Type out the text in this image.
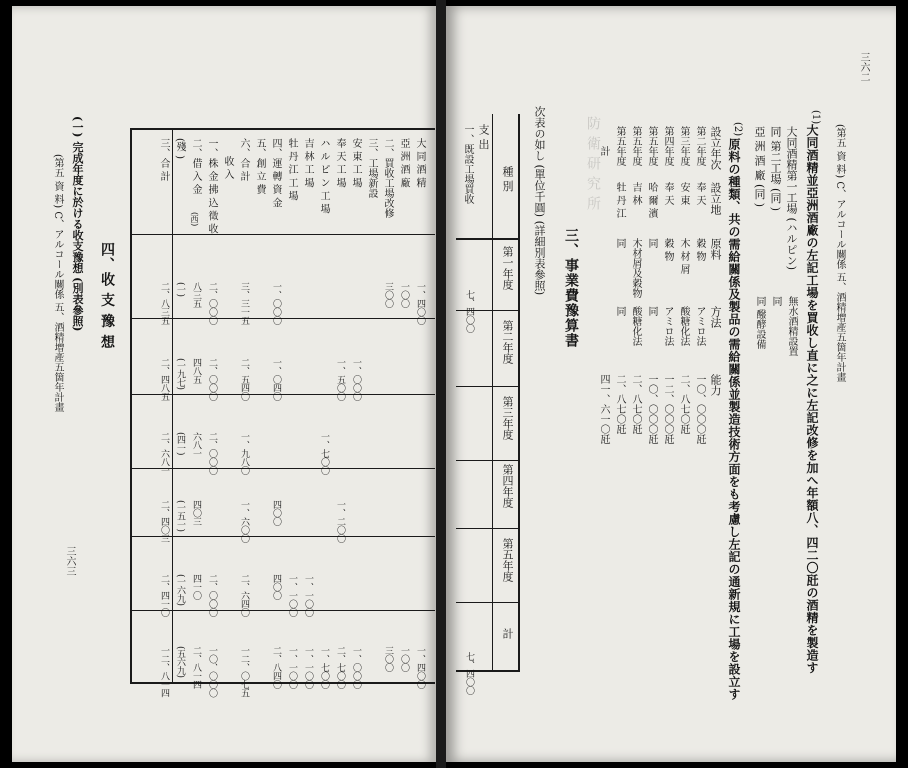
(第五 資 料) C、アルコール關係 五、酒精增產五箇年計畫 (一) 完成年度に於ける收支豫想 (別表參照) 四、收 支 豫 想
三六三
大 同 酒 精
一、四〇〇
一、四〇〇
亞 洲 酒 廠
一〇〇
一〇〇
二、買收工場改修
三〇〇
三〇〇
三、工場新設
安 東 工 場
一、〇〇〇
一、〇〇〇
奉 天 工 場
一、五〇〇
一、二〇〇
二、七〇〇
ハ ル ピ ン 工 場
一、七〇〇
一、七〇〇
吉 林 工 場
一、一〇〇
一、一〇〇
牡 丹 江 工 場
一、一〇〇
一、一〇〇
四、運 轉 資 金
一、〇〇〇
一、〇四〇
四〇〇
四〇〇
二、八四〇
五、創 立 費
六、合 計
三、三一五
二、五四〇
一、九八〇
一、六〇〇
二、六四〇
一二、〇七五
收 入
一、株 金 拂 込 徵 收
二、〇〇〇
二、〇〇〇
二、〇〇〇
二、〇〇〇
一〇、〇〇〇
二、借 入 金
八三五
四八五
六八一
四〇三
四一〇
二、八一四
(殘 )
(一)
(一九七)
(四一)
(一五一)
(一六九)
(五六九)
三、合 計
二、八三五
二、四八五
二、六八一
二、四〇三
二、四一〇
一二、八一四
(西)
三六二
(第五 資 料) C、アルコール關係 五、酒精增產五箇年計畫
(1)
大同酒精並亞洲酒廠の左記工場を買收し直に之に左記改修を加へ年額八、四二〇瓩の酒精を製造す
大同酒精第一工場 (ハルピン)
無水酒精設置
同 第二工場 (同 )
同
亞 洲 酒 廠 (同 )
同 醱酵設備
(2)
原料の種類、共の需給關係及製品の需給關係並製造技術方面をも考慮し左記の通新規に工場を設立す
設立年次
設立地
原料
方法
能力
第二年度
奉 天
穀 物
アミロ法
一〇、〇〇〇瓩
第三年度
安 東
木 材 屑
酸糖化法
二、八七〇瓩
第四年度
奉 天
穀 物
アミロ法
一二、〇〇〇瓩
第五年度
哈 爾 濱
同
同
一〇、〇〇〇瓩
第五年度
吉 林
木材屑及穀物
酸糖化法
二、八七〇瓩
第五年度
牡 丹 江
同
同
二、八七〇瓩
計
四一、六一〇瓩
三、事業費豫算書
次表の如し (單位千圓) (詳細別表參照)	防衛研究所
種 別
第一年度
第二年度
第三年度
第四年度
第五年度
計
支 出
一、既設工場買收
七、四〇〇
七、四〇〇
